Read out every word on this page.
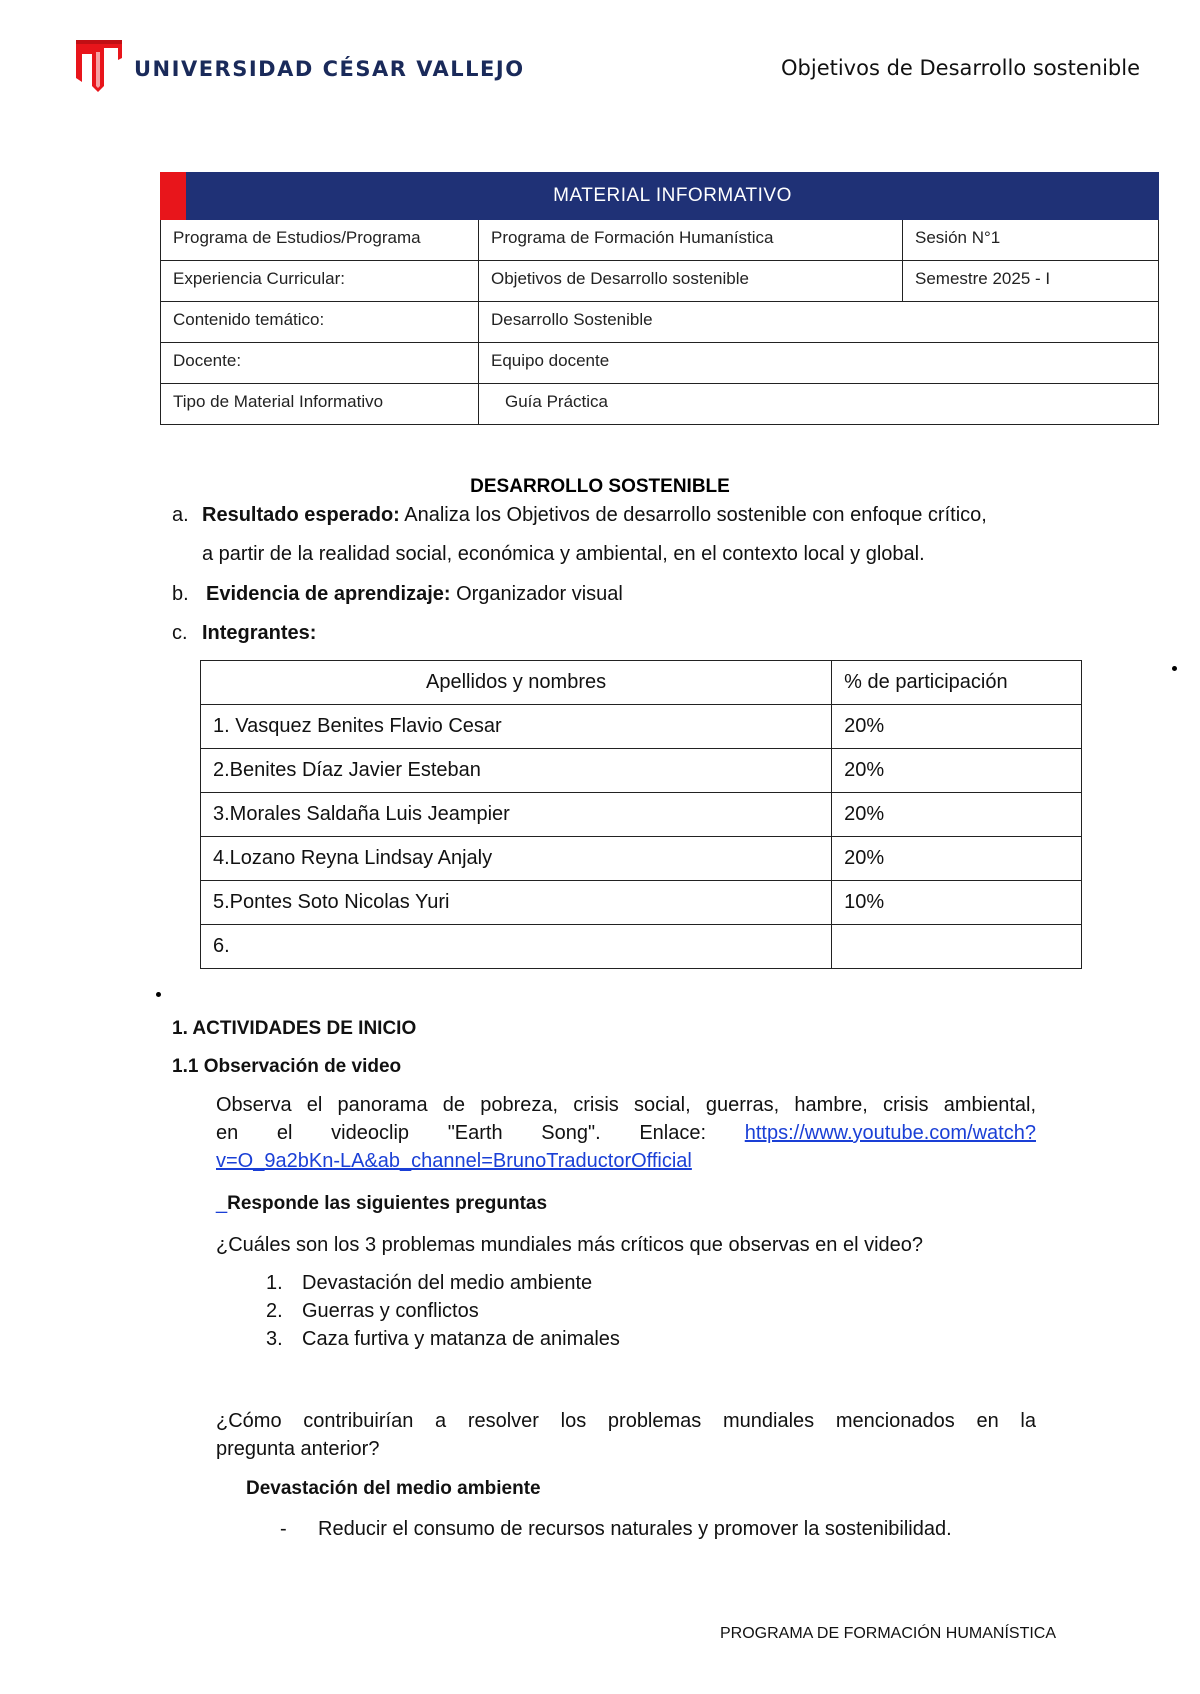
UNIVERSIDAD CÉSAR VALLEJO	Objetivos de Desarrollo sostenible
MATERIAL INFORMATIVO
Programa de Estudios/Programa	Programa de Formación Humanística	Sesión N°1
Experiencia Curricular:	Objetivos de Desarrollo sostenible	Semestre 2025 - I
Contenido temático:	Desarrollo Sostenible
Docente:	Equipo docente
Tipo de Material Informativo	Guía Práctica
DESARROLLO SOSTENIBLE
a. Resultado esperado: Analiza los Objetivos de desarrollo sostenible con enfoque crítico,
a partir de la realidad social, económica y ambiental, en el contexto local y global.
b. Evidencia de aprendizaje: Organizador visual
c. Integrantes:
Apellidos y nombres	% de participación
1. Vasquez Benites Flavio Cesar	20%
2.Benites Díaz Javier Esteban	20%
3.Morales Saldaña Luis Jeampier	20%
4.Lozano Reyna Lindsay Anjaly	20%
5.Pontes Soto Nicolas Yuri	10%
6.	
1. ACTIVIDADES DE INICIO
1.1 Observación de video
Observa el panorama de pobreza, crisis social, guerras, hambre, crisis ambiental,
en el videoclip "Earth Song". Enlace: https://www.youtube.com/watch?
v=O_9a2bKn-LA&ab_channel=BrunoTraductorOfficial
_Responde las siguientes preguntas
¿Cuáles son los 3 problemas mundiales más críticos que observas en el video?
1. Devastación del medio ambiente
2. Guerras y conflictos
3. Caza furtiva y matanza de animales
¿Cómo contribuirían a resolver los problemas mundiales mencionados en la
pregunta anterior?
Devastación del medio ambiente
- Reducir el consumo de recursos naturales y promover la sostenibilidad.
PROGRAMA DE FORMACIÓN HUMANÍSTICA
